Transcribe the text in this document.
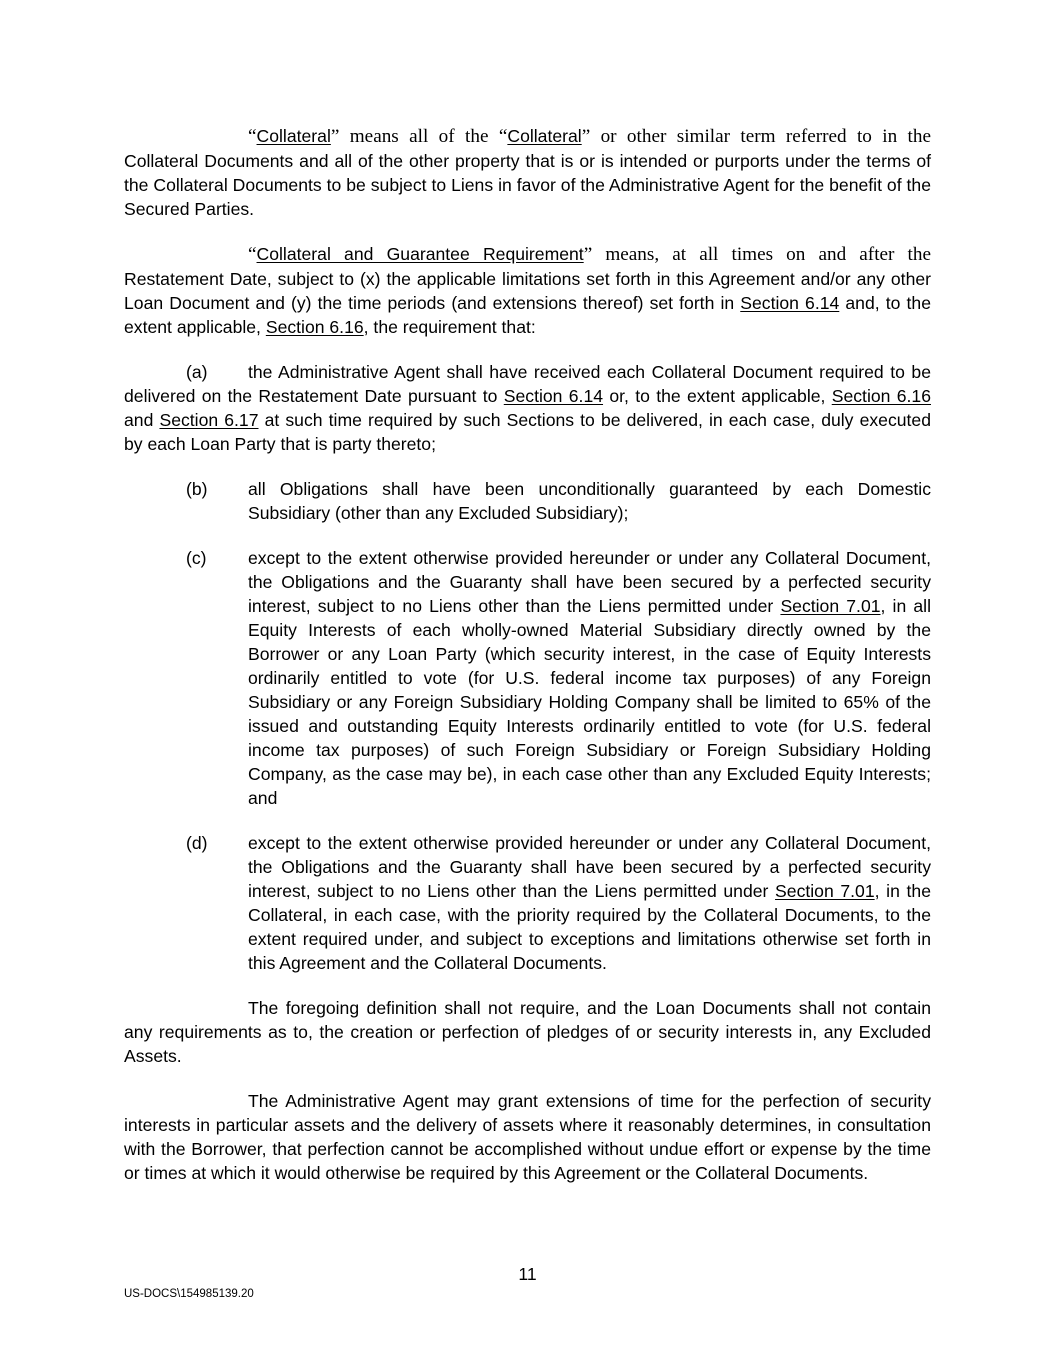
“Collateral” means all of the “Collateral” or other similar term referred to in the Collateral Documents and all of the other property that is or is intended or purports under the terms of the Collateral Documents to be subject to Liens in favor of the Administrative Agent for the benefit of the Secured Parties.

“Collateral and Guarantee Requirement” means, at all times on and after the Restatement Date, subject to (x) the applicable limitations set forth in this Agreement and/or any other Loan Document and (y) the time periods (and extensions thereof) set forth in Section 6.14 and, to the extent applicable, Section 6.16, the requirement that:

(a) the Administrative Agent shall have received each Collateral Document required to be delivered on the Restatement Date pursuant to Section 6.14 or, to the extent applicable, Section 6.16 and Section 6.17 at such time required by such Sections to be delivered, in each case, duly executed by each Loan Party that is party thereto;

(b) all Obligations shall have been unconditionally guaranteed by each Domestic Subsidiary (other than any Excluded Subsidiary);

(c) except to the extent otherwise provided hereunder or under any Collateral Document, the Obligations and the Guaranty shall have been secured by a perfected security interest, subject to no Liens other than the Liens permitted under Section 7.01, in all Equity Interests of each wholly-owned Material Subsidiary directly owned by the Borrower or any Loan Party (which security interest, in the case of Equity Interests ordinarily entitled to vote (for U.S. federal income tax purposes) of any Foreign Subsidiary or any Foreign Subsidiary Holding Company shall be limited to 65% of the issued and outstanding Equity Interests ordinarily entitled to vote (for U.S. federal income tax purposes) of such Foreign Subsidiary or Foreign Subsidiary Holding Company, as the case may be), in each case other than any Excluded Equity Interests; and

(d) except to the extent otherwise provided hereunder or under any Collateral Document, the Obligations and the Guaranty shall have been secured by a perfected security interest, subject to no Liens other than the Liens permitted under Section 7.01, in the Collateral, in each case, with the priority required by the Collateral Documents, to the extent required under, and subject to exceptions and limitations otherwise set forth in this Agreement and the Collateral Documents.

The foregoing definition shall not require, and the Loan Documents shall not contain any requirements as to, the creation or perfection of pledges of or security interests in, any Excluded Assets.

The Administrative Agent may grant extensions of time for the perfection of security interests in particular assets and the delivery of assets where it reasonably determines, in consultation with the Borrower, that perfection cannot be accomplished without undue effort or expense by the time or times at which it would otherwise be required by this Agreement or the Collateral Documents.

11
US-DOCS\154985139.20
